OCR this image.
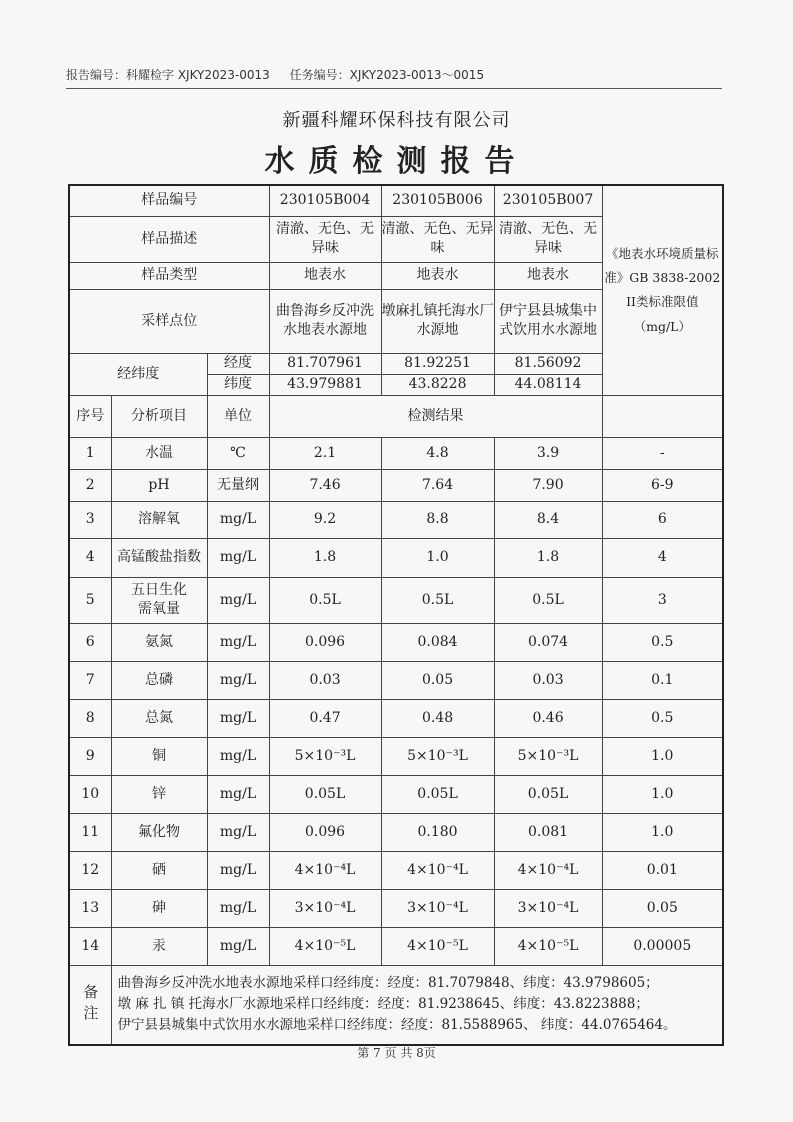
报告编号：科耀检字 XJKY2023-0013 任务编号：XJKY2023-0013～0015
新疆科耀环保科技有限公司
水质检测报告
样品编号			230105B004	230105B006	230105B007	《地表水环境质量标准》GB 3838-2002 II类标准限值（mg/L）
样品描述			清澈、无色、无异味	清澈、无色、无异味	清澈、无色、无异味	
样品类型			地表水	地表水	地表水	
采样点位			曲鲁海乡反冲洗水地表水源地	墩麻扎镇托海水厂水源地	伊宁县县城集中式饮用水水源地	
经纬度		经度	81.707961	81.92251	81.56092	
		纬度	43.979881	43.8228	44.08114	
序号	分析项目	单位	检测结果			
1	水温	℃	2.1	4.8	3.9	-
2	pH	无量纲	7.46	7.64	7.90	6-9
3	溶解氧	mg/L	9.2	8.8	8.4	6
4	高锰酸盐指数	mg/L	1.8	1.0	1.8	4
5	五日生化需氧量	mg/L	0.5L	0.5L	0.5L	3
6	氨氮	mg/L	0.096	0.084	0.074	0.5
7	总磷	mg/L	0.03	0.05	0.03	0.1
8	总氮	mg/L	0.47	0.48	0.46	0.5
9	铜	mg/L	5×10⁻³L	5×10⁻³L	5×10⁻³L	1.0
10	锌	mg/L	0.05L	0.05L	0.05L	1.0
11	氟化物	mg/L	0.096	0.180	0.081	1.0
12	硒	mg/L	4×10⁻⁴L	4×10⁻⁴L	4×10⁻⁴L	0.01
13	砷	mg/L	3×10⁻⁴L	3×10⁻⁴L	3×10⁻⁴L	0.05
14	汞	mg/L	4×10⁻⁵L	4×10⁻⁵L	4×10⁻⁵L	0.00005
备注	曲鲁海乡反冲洗水地表水源地采样口经纬度：经度：81.7079848、纬度：43.9798605；
墩 麻 扎 镇 托海水厂水源地采样口经纬度：经度：81.9238645、纬度：43.8223888；
伊宁县县城集中式饮用水水源地采样口经纬度：经度：81.5588965、 纬度：44.0765464。					
第 7 页 共 8页
